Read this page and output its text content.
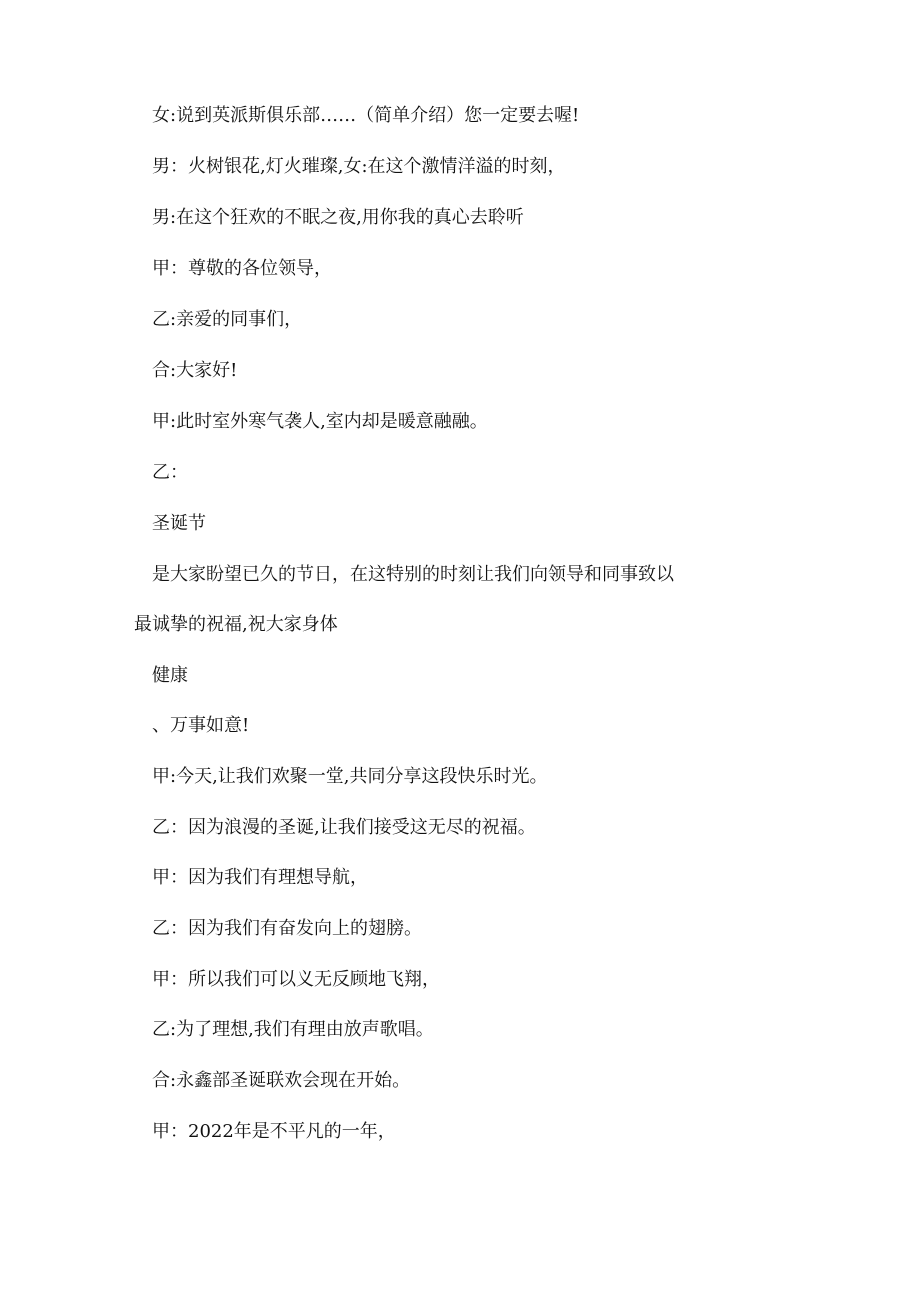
女:说到英派斯俱乐部……（简单介绍）您一定要去喔!
男：火树银花,灯火璀璨,女:在这个激情洋溢的时刻，
男:在这个狂欢的不眠之夜,用你我的真心去聆听
甲：尊敬的各位领导，
乙:亲爱的同事们，
合:大家好!
甲:此时室外寒气袭人,室内却是暖意融融。
乙：
圣诞节
是大家盼望已久的节日，在这特别的时刻让我们向领导和同事致以
最诚挚的祝福,祝大家身体
健康
、万事如意!
甲:今天,让我们欢聚一堂,共同分享这段快乐时光。
乙：因为浪漫的圣诞,让我们接受这无尽的祝福。
甲：因为我们有理想导航，
乙：因为我们有奋发向上的翅膀。
甲：所以我们可以义无反顾地飞翔，
乙:为了理想,我们有理由放声歌唱。
合:永鑫部圣诞联欢会现在开始。
甲：2022年是不平凡的一年，
